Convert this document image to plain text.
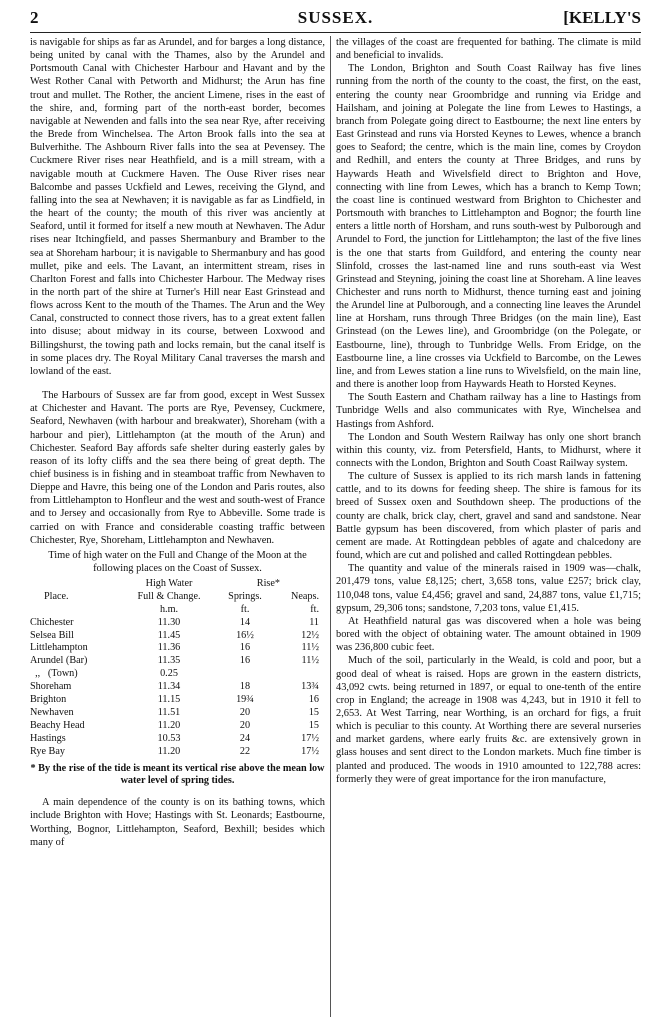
2	SUSSEX.	[KELLY'S

is navigable for ships as far as Arundel, and for barges a long distance, being united by canal with the Thames, also by the Arundel and Portsmouth Canal with Chichester Harbour and Havant and by the West Rother Canal with Petworth and Midhurst; the Arun has fine trout and mullet. The Rother, the ancient Limene, rises in the east of the shire, and, forming part of the north-east border, becomes navigable at Newenden and falls into the sea near Rye, after receiving the Brede from Winchelsea. The Arton Brook falls into the sea at Bulverhithe. The Ashbourn River falls into the sea at Pevensey. The Cuckmere River rises near Heathfield, and is a mill stream, with a navigable mouth at Cuckmere Haven. The Ouse River rises near Balcombe and passes Uckfield and Lewes, receiving the Glynd, and falling into the sea at Newhaven; it is navigable as far as Lindfield, in the heart of the county; the mouth of this river was anciently at Seaford, until it formed for itself a new mouth at Newhaven. The Adur rises near Itchingfield, and passes Shermanbury and Bramber to the sea at Shoreham harbour; it is navigable to Shermanbury and has good mullet, pike and eels. The Lavant, an intermittent stream, rises in Charlton Forest and falls into Chichester Harbour. The Medway rises in the north part of the shire at Turner's Hill near East Grinstead and flows across Kent to the mouth of the Thames. The Arun and the Wey Canal, constructed to connect those rivers, has to a great extent fallen into disuse; about midway in its course, between Loxwood and Billingshurst, the towing path and locks remain, but the canal itself is in some places dry. The Royal Military Canal traverses the marsh and lowland of the east.

The Harbours of Sussex are far from good, except in West Sussex at Chichester and Havant. The ports are Rye, Pevensey, Cuckmere, Seaford, Newhaven (with harbour and breakwater), Shoreham (with a harbour and pier), Littlehampton (at the mouth of the Arun) and Chichester. Seaford Bay affords safe shelter during easterly gales by reason of its lofty cliffs and the sea there being of great depth. The chief business is in fishing and in steamboat traffic from Newhaven to Dieppe and Havre, this being one of the London and Paris routes, also from Littlehampton to Honfleur and the west and south-west of France and to Jersey and occasionally from Rye to Abbeville. Some trade is carried on with France and considerable coasting traffic between Chichester, Rye, Shoreham, Littlehampton and Newhaven.

Time of high water on the Full and Change of the Moon at the following places on the Coast of Sussex.
	High Water	Rise*	
Place.	Full & Change.	Springs.	Neaps.
	h.m.	ft.	ft.
Chichester	11.30	14	11
Selsea Bill	11.45	16½	12½
Littlehampton	11.36	16	11½
Arundel (Bar)	11.35	16	11½
,,   (Town)	0.25		
Shoreham	11.34	18	13¾
Brighton	11.15	19¾	16
Newhaven	11.51	20	15
Beachy Head	11.20	20	15
Hastings	10.53	24	17½
Rye Bay	11.20	22	17½
* By the rise of the tide is meant its vertical rise above the mean low water level of spring tides.

A main dependence of the county is on its bathing towns, which include Brighton with Hove; Hastings with St. Leonards; Eastbourne, Worthing, Bognor, Littlehampton, Seaford, Bexhill; besides which many of

the villages of the coast are frequented for bathing. The climate is mild and beneficial to invalids.

The London, Brighton and South Coast Railway has five lines running from the north of the county to the coast, the first, on the east, entering the county near Groombridge and running via Eridge and Hailsham, and joining at Polegate the line from Lewes to Hastings, a branch from Polegate going direct to Eastbourne; the next line enters by East Grinstead and runs via Horsted Keynes to Lewes, whence a branch goes to Seaford; the centre, which is the main line, comes by Croydon and Redhill, and enters the county at Three Bridges, and runs by Haywards Heath and Wivelsfield direct to Brighton and Hove, connecting with line from Lewes, which has a branch to Kemp Town; the coast line is continued westward from Brighton to Chichester and Portsmouth with branches to Littlehampton and Bognor; the fourth line enters a little north of Horsham, and runs south-west by Pulborough and Arundel to Ford, the junction for Littlehampton; the last of the five lines is the one that starts from Guildford, and entering the county near Slinfold, crosses the last-named line and runs south-east via West Grinstead and Steyning, joining the coast line at Shoreham. A line leaves Chichester and runs north to Midhurst, thence turning east and joining the Arundel line at Pulborough, and a connecting line leaves the Arundel line at Horsham, runs through Three Bridges (on the main line), East Grinstead (on the Lewes line), and Groombridge (on the Polegate, or Eastbourne, line), through to Tunbridge Wells. From Eridge, on the Eastbourne line, a line crosses via Uckfield to Barcombe, on the Lewes line, and from Lewes station a line runs to Wivelsfield, on the main line, and there is another loop from Haywards Heath to Horsted Keynes.

The South Eastern and Chatham railway has a line to Hastings from Tunbridge Wells and also communicates with Rye, Winchelsea and Hastings from Ashford.

The London and South Western Railway has only one short branch within this county, viz. from Petersfield, Hants, to Midhurst, where it connects with the London, Brighton and South Coast Railway system.

The culture of Sussex is applied to its rich marsh lands in fattening cattle, and to its downs for feeding sheep. The shire is famous for its breed of Sussex oxen and Southdown sheep. The productions of the county are chalk, brick clay, chert, gravel and sand and sandstone. Near Battle gypsum has been discovered, from which plaster of paris and cement are made. At Rottingdean pebbles of agate and chalcedony are found, which are cut and polished and called Rottingdean pebbles.

The quantity and value of the minerals raised in 1909 was—chalk, 201,479 tons, value £8,125; chert, 3,658 tons, value £257; brick clay, 110,048 tons, value £4,456; gravel and sand, 24,887 tons, value £1,715; gypsum, 29,306 tons; sandstone, 7,203 tons, value £1,415.

At Heathfield natural gas was discovered when a hole was being bored with the object of obtaining water. The amount obtained in 1909 was 236,800 cubic feet.

Much of the soil, particularly in the Weald, is cold and poor, but a good deal of wheat is raised. Hops are grown in the eastern districts, 43,092 cwts. being returned in 1897, or equal to one-tenth of the entire crop in England; the acreage in 1908 was 4,243, but in 1910 it fell to 2,653. At West Tarring, near Worthing, is an orchard for figs, a fruit which is peculiar to this county. At Worthing there are several nurseries and market gardens, where early fruits &c. are extensively grown in glass houses and sent direct to the London markets. Much fine timber is planted and produced. The woods in 1910 amounted to 122,788 acres: formerly they were of great importance for the iron manufacture,
